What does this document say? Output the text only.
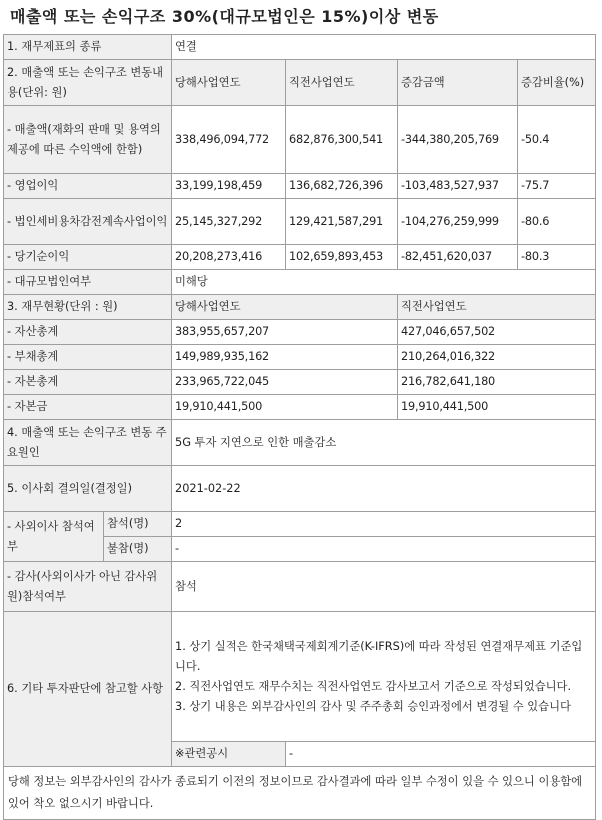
매출액 또는 손익구조 30%(대규모법인은 15%)이상 변동
1. 재무제표의 종류		연결			
2. 매출액 또는 손익구조 변동내용(단위: 원)		당해사업연도	직전사업연도	증감금액	증감비율(%)
- 매출액(재화의 판매 및 용역의 제공에 따른 수익액에 한함)		338,496,094,772	682,876,300,541	-344,380,205,769	-50.4
- 영업이익		33,199,198,459	136,682,726,396	-103,483,527,937	-75.7
- 법인세비용차감전계속사업이익		25,145,327,292	129,421,587,291	-104,276,259,999	-80.6
- 당기순이익		20,208,273,416	102,659,893,453	-82,451,620,037	-80.3
- 대규모법인여부		미해당			
3. 재무현황(단위 : 원)		당해사업연도		직전사업연도	
- 자산총계		383,955,657,207		427,046,657,502	
- 부채총계		149,989,935,162		210,264,016,322	
- 자본총계		233,965,722,045		216,782,641,180	
- 자본금		19,910,441,500		19,910,441,500	
4. 매출액 또는 손익구조 변동 주요원인		5G 투자 지연으로 인한 매출감소			
5. 이사회 결의일(결정일)		2021-02-22			
- 사외이사 참석여부	참석(명)	2			
	불참(명)	-			
- 감사(사외이사가 아닌 감사위원)참석여부		참석			
6. 기타 투자판단에 참고할 사항		1. 상기 실적은 한국채택국제회계기준(K-IFRS)에 따라 작성된 연결재무제표 기준입니다.
2. 직전사업연도 재무수치는 직전사업연도 감사보고서 기준으로 작성되었습니다.
3. 상기 내용은 외부감사인의 감사 및 주주총회 승인과정에서 변경될 수 있습니다			

		※관련공시	-		
당해 정보는 외부감사인의 감사가 종료되기 이전의 정보이므로 감사결과에 따라 일부 수정이 있을 수 있으니 이용함에 있어 착오 없으시기 바랍니다.					
